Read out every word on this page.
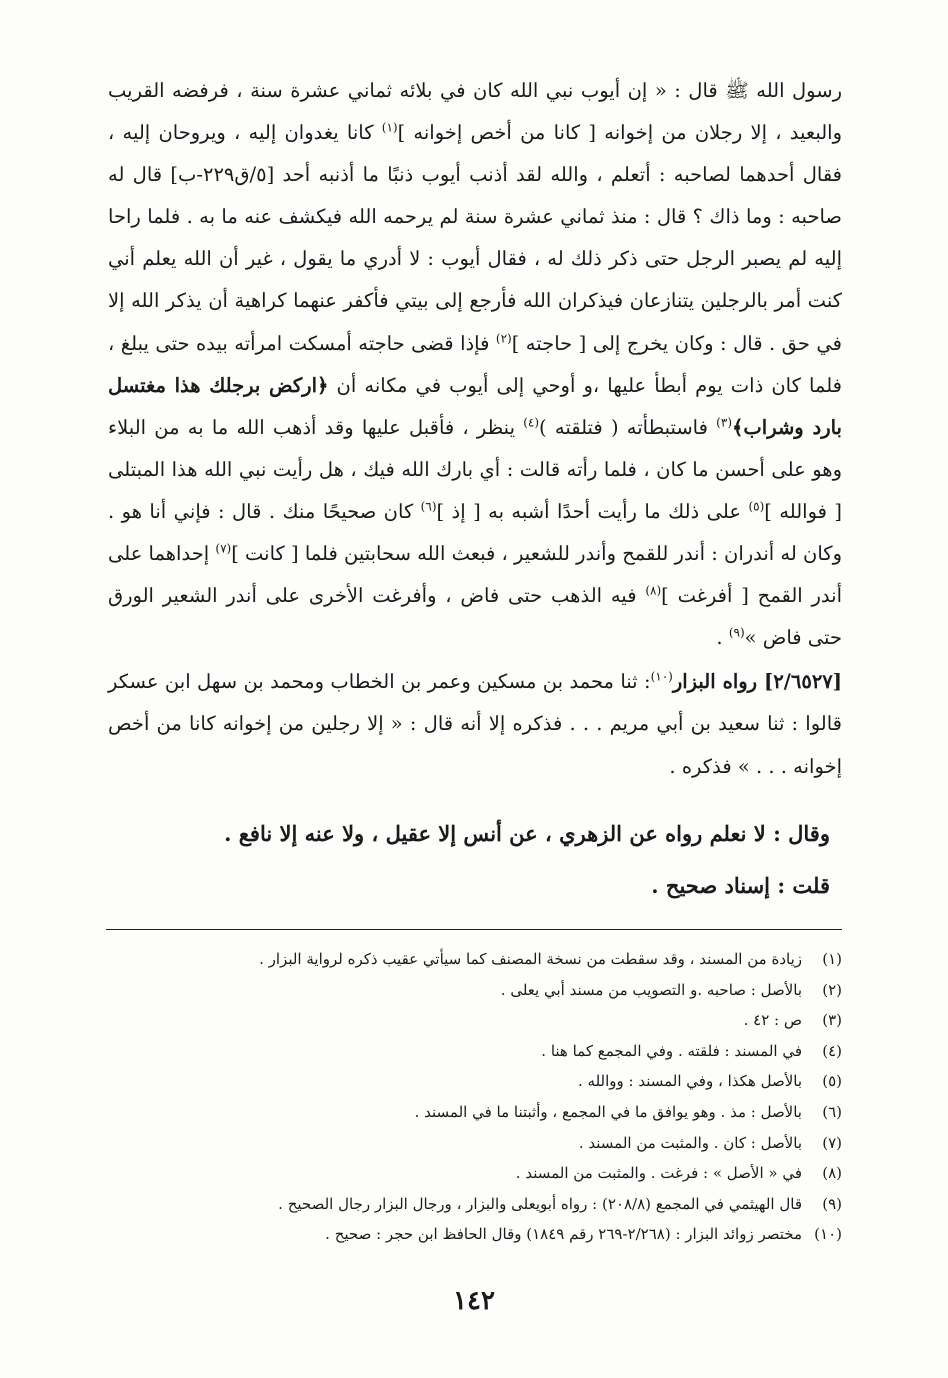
رسول الله ﷺ قال : « إن أيوب نبي الله كان في بلائه ثماني عشرة سنة ، فرفضه القريب والبعيد ، إلا رجلان من إخوانه [ كانا من أخص إخوانه ]$^{(١)}$ كانا يغدوان إليه ، ويروحان إليه ، فقال أحدهما لصاحبه : أتعلم ، والله لقد أذنب أيوب ذنبًا ما أذنبه أحد [٥/ق٢٢٩-ب] قال له صاحبه : وما ذاك ؟ قال : منذ ثماني عشرة سنة لم يرحمه الله فيكشف عنه ما به . فلما راحا إليه لم يصبر الرجل حتى ذكر ذلك له ، فقال أيوب : لا أدري ما يقول ، غير أن الله يعلم أني كنت أمر بالرجلين يتنازعان فيذكران الله فأرجع إلى بيتي فأكفر عنهما كراهية أن يذكر الله إلا في حق . قال : وكان يخرج إلى [ حاجته ]$^{(٢)}$ فإذا قضى حاجته أمسكت امرأته بيده حتى يبلغ ، فلما كان ذات يوم أبطأ عليها ،و أوحي إلى أيوب في مكانه أن ﴿اركض برجلك هذا مغتسل بارد وشراب﴾$^{(٣)}$ فاستبطأته ( فتلقته )$^{(٤)}$ ينظر ، فأقبل عليها وقد أذهب الله ما به من البلاء وهو على أحسن ما كان ، فلما رأته قالت : أي بارك الله فيك ، هل رأيت نبي الله هذا المبتلى [ فوالله ]$^{(٥)}$ على ذلك ما رأيت أحدًا أشبه به [ إذ ]$^{(٦)}$ كان صحيحًا منك . قال : فإني أنا هو . وكان له أندران : أندر للقمح وأندر للشعير ، فبعث الله سحابتين فلما [ كانت ]$^{(٧)}$ إحداهما على أندر القمح [ أفرغت ]$^{(٨)}$ فيه الذهب حتى فاض ، وأفرغت الأخرى على أندر الشعير الورق حتى فاض »$^{(٩)}$ .

[٢/٦٥٢٧] رواه البزار$^{(١٠)}$: ثنا محمد بن مسكين وعمر بن الخطاب ومحمد بن سهل ابن عسكر قالوا : ثنا سعيد بن أبي مريم . . . فذكره إلا أنه قال : « إلا رجلين من إخوانه كانا من أخص إخوانه . . . » فذكره .

وقال : لا نعلم رواه عن الزهري ، عن أنس إلا عقيل ، ولا عنه إلا نافع .

قلت : إسناد صحيح .

(١)
زيادة من المسند ، وقد سقطت من نسخة المصنف كما سيأتي عقيب ذكره لرواية البزار .
(٢)
بالأصل : صاحبه .و التصويب من مسند أبي يعلى .
(٣)
ص : ٤٢ .
(٤)
في المسند : فلقته . وفي المجمع كما هنا .
(٥)
بالأصل هكذا ، وفي المسند : ووالله .
(٦)
بالأصل : مذ . وهو يوافق ما في المجمع ، وأثبتنا ما في المسند .
(٧)
بالأصل : كان . والمثبت من المسند .
(٨)
في « الأصل » : فرغت . والمثبت من المسند .
(٩)
قال الهيثمي في المجمع (٢٠٨/٨) : رواه أبويعلى والبزار ، ورجال البزار رجال الصحيح .
(١٠)
مختصر زوائد البزار : (٢/٢٦٨-٢٦٩ رقم ١٨٤٩) وقال الحافظ ابن حجر : صحيح .
١٤٢
